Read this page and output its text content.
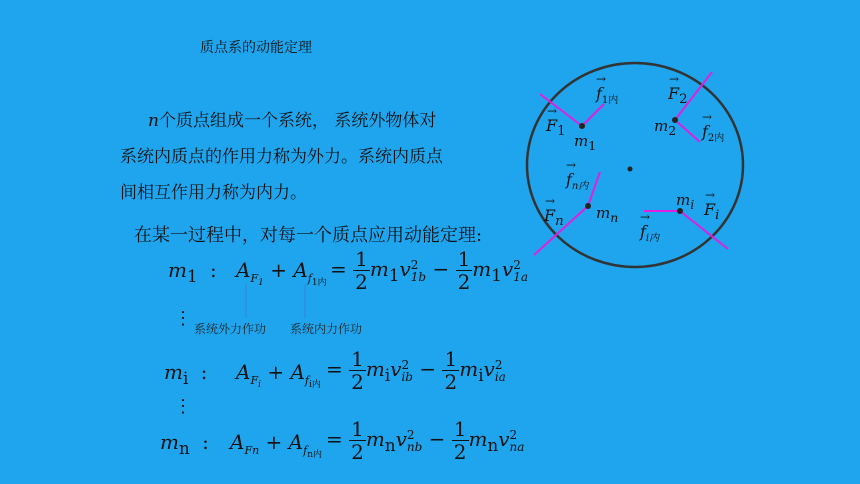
质点系的动能定理
n个质点组成一个系统， 系统外物体对
系统内质点的作用力称为外力。系统内质点
间相互作用力称为内力。
在某一过程中，对每一个质点应用动能定理:
$m_1$ : $A_{F_1} + A_{f_{1内}}$
= $\frac{1}{2} m_1v$ 2
$1b - \frac{1}{2} m_1v$ 2
1a
⋮ 系统外力作功 系统内力作功
$m_i$ : $A_{F_i} + A_{f_{i内}}$
= $\frac{1}{2} m_iv$ 2
ib − $\frac{1}{2} m_iv$ 2
ia
⋮
$m_n$ : $A_{Fn} + A_{f_{n内}}$
= $\frac{1}{2} m_nv$ 2
nb − $\frac{1}{2} m_nv$ 2
na
$m_1$
$m_2$
$m_n$
$m_i$
→
$F_1$
→
$f_{1内}$
→
$F_2$
→
$f_{2内}$
→
$f_{n内}$
→
$F_n$
→
$F_i$
→
$f_{i内}$
